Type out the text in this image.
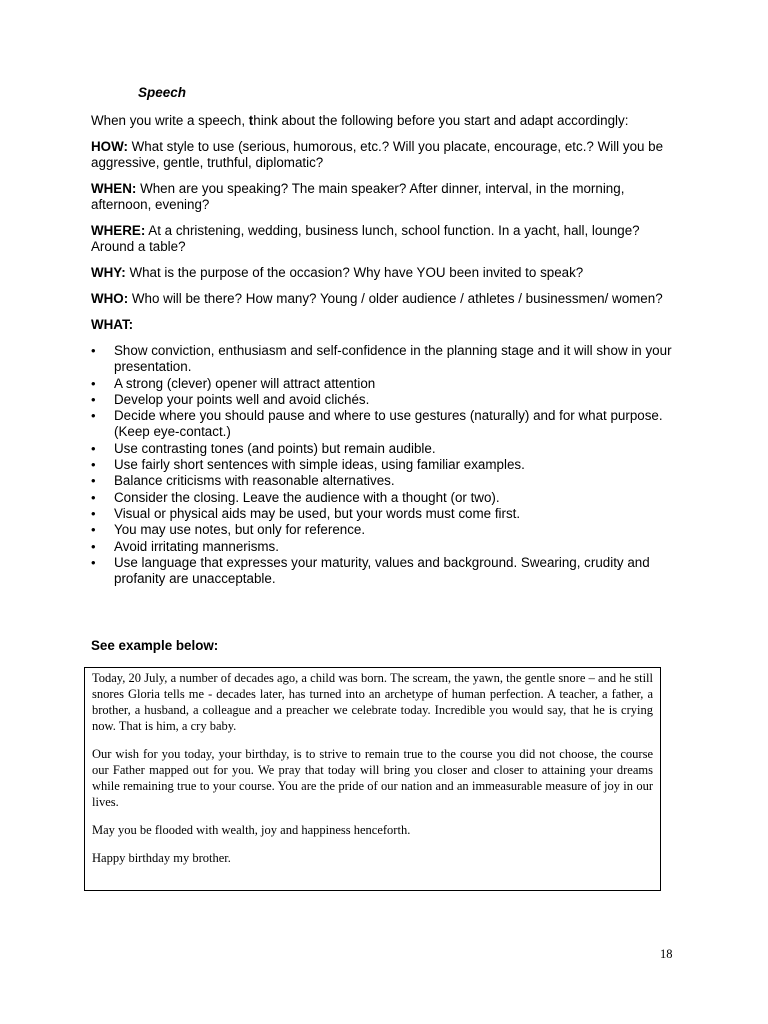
Speech

When you write a speech, think about the following before you start and adapt accordingly:

HOW: What style to use (serious, humorous, etc.? Will you placate, encourage, etc.? Will you be aggressive, gentle, truthful, diplomatic?

WHEN: When are you speaking? The main speaker? After dinner, interval, in the morning, afternoon, evening?

WHERE: At a christening, wedding, business lunch, school function. In a yacht, hall, lounge? Around a table?

WHY: What is the purpose of the occasion? Why have YOU been invited to speak?

WHO: Who will be there? How many? Young / older audience / athletes / businessmen/ women?

WHAT:

•	Show conviction, enthusiasm and self-confidence in the planning stage and it will show in your presentation.
•	A strong (clever) opener will attract attention
•	Develop your points well and avoid clichés.
•	Decide where you should pause and where to use gestures (naturally) and for what purpose. (Keep eye-contact.)
•	Use contrasting tones (and points) but remain audible.
•	Use fairly short sentences with simple ideas, using familiar examples.
•	Balance criticisms with reasonable alternatives.
•	Consider the closing. Leave the audience with a thought (or two).
•	Visual or physical aids may be used, but your words must come first.
•	You may use notes, but only for reference.
•	Avoid irritating mannerisms.
•	Use language that expresses your maturity, values and background. Swearing, crudity and profanity are unacceptable.
See example below:

Today, 20 July, a number of decades ago, a child was born. The scream, the yawn, the gentle snore – and he still snores Gloria tells me - decades later, has turned into an archetype of human perfection. A teacher, a father, a brother, a husband, a colleague and a preacher we celebrate today. Incredible you would say, that he is crying now. That is him, a cry baby.

Our wish for you today, your birthday, is to strive to remain true to the course you did not choose, the course our Father mapped out for you. We pray that today will bring you closer and closer to attaining your dreams while remaining true to your course. You are the pride of our nation and an immeasurable measure of joy in our lives.

May you be flooded with wealth, joy and happiness henceforth.

Happy birthday my brother.

18
